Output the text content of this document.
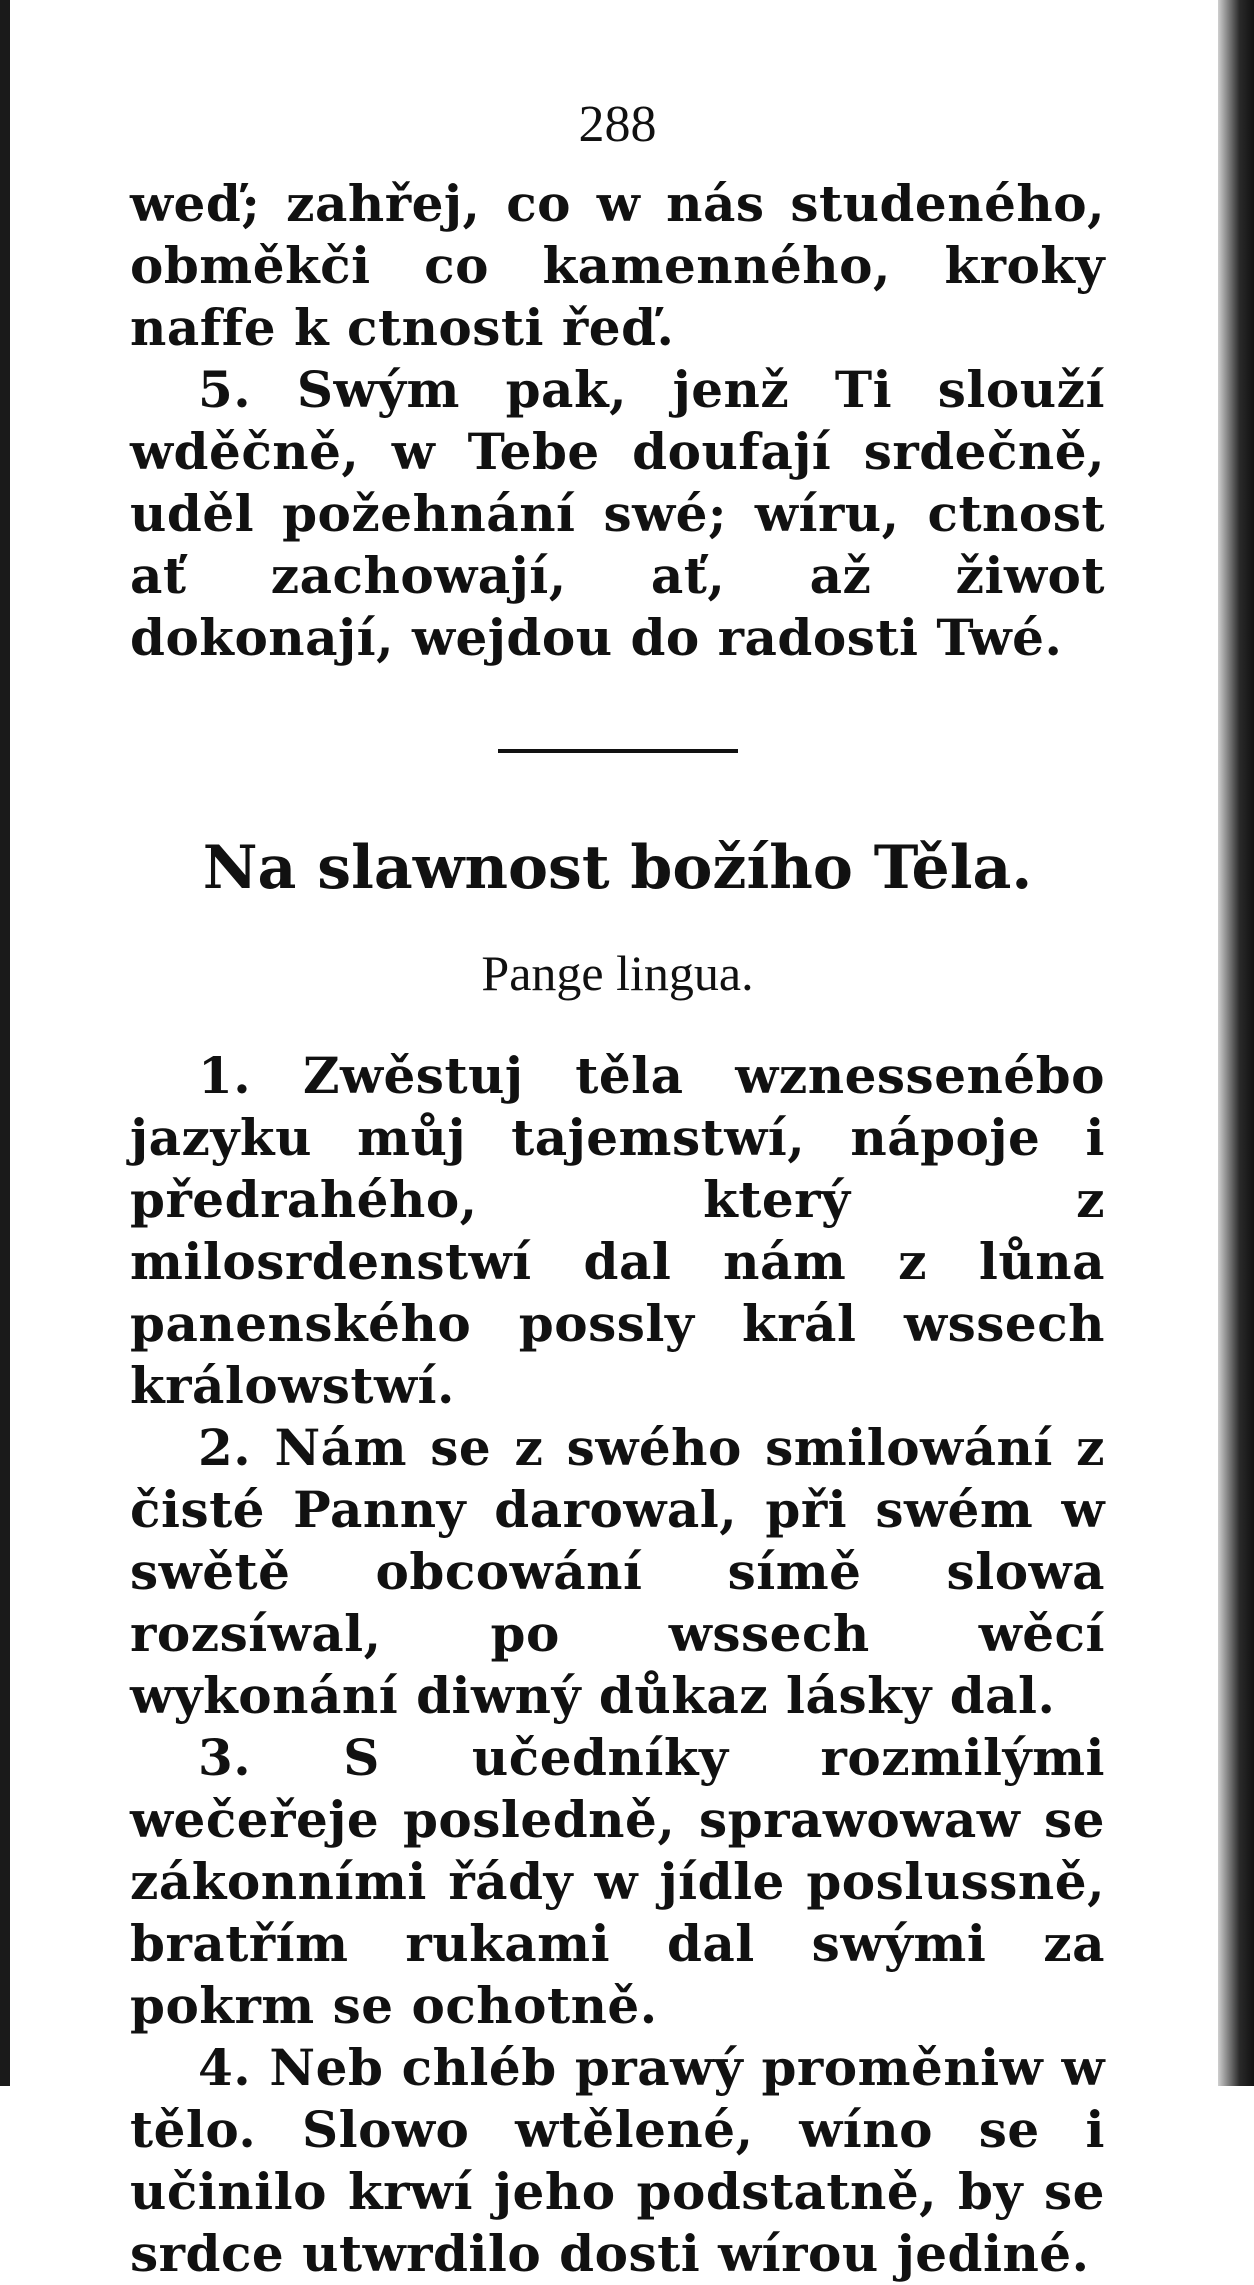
288

weď; zahřej, co w nás studeného, obměkči co kamenného, kroky naffe k ctnosti řeď.

5. Swým pak, jenž Ti slouží wděčně, w Tebe doufají srdečně, uděl požehnání swé; wíru, ctnost ať zachowají, ať, až žiwot dokonají, wejdou do radosti Twé.

Na slawnost božího Těla.
Pange lingua.

1. Zwěstuj těla wznessenébo jazyku můj tajemstwí, nápoje i předrahého, který z milosrdenstwí dal nám z lůna panenského possly král wssech králowstwí.

2. Nám se z swého smilowání z čisté Panny darowal, při swém w swětě obcowání símě slowa rozsíwal, po wssech wěcí wykonání diwný důkaz lásky dal.

3. S učedníky rozmilými wečeřeje posledně, sprawowaw se zákonními řády w jídle poslussně, bratřím rukami dal swými za pokrm se ochotně.

4. Neb chléb prawý proměniw w tělo. Slowo wtělené, wíno se i učinilo krwí jeho podstatně, by se srdce utwrdilo dosti wírou jediné.
